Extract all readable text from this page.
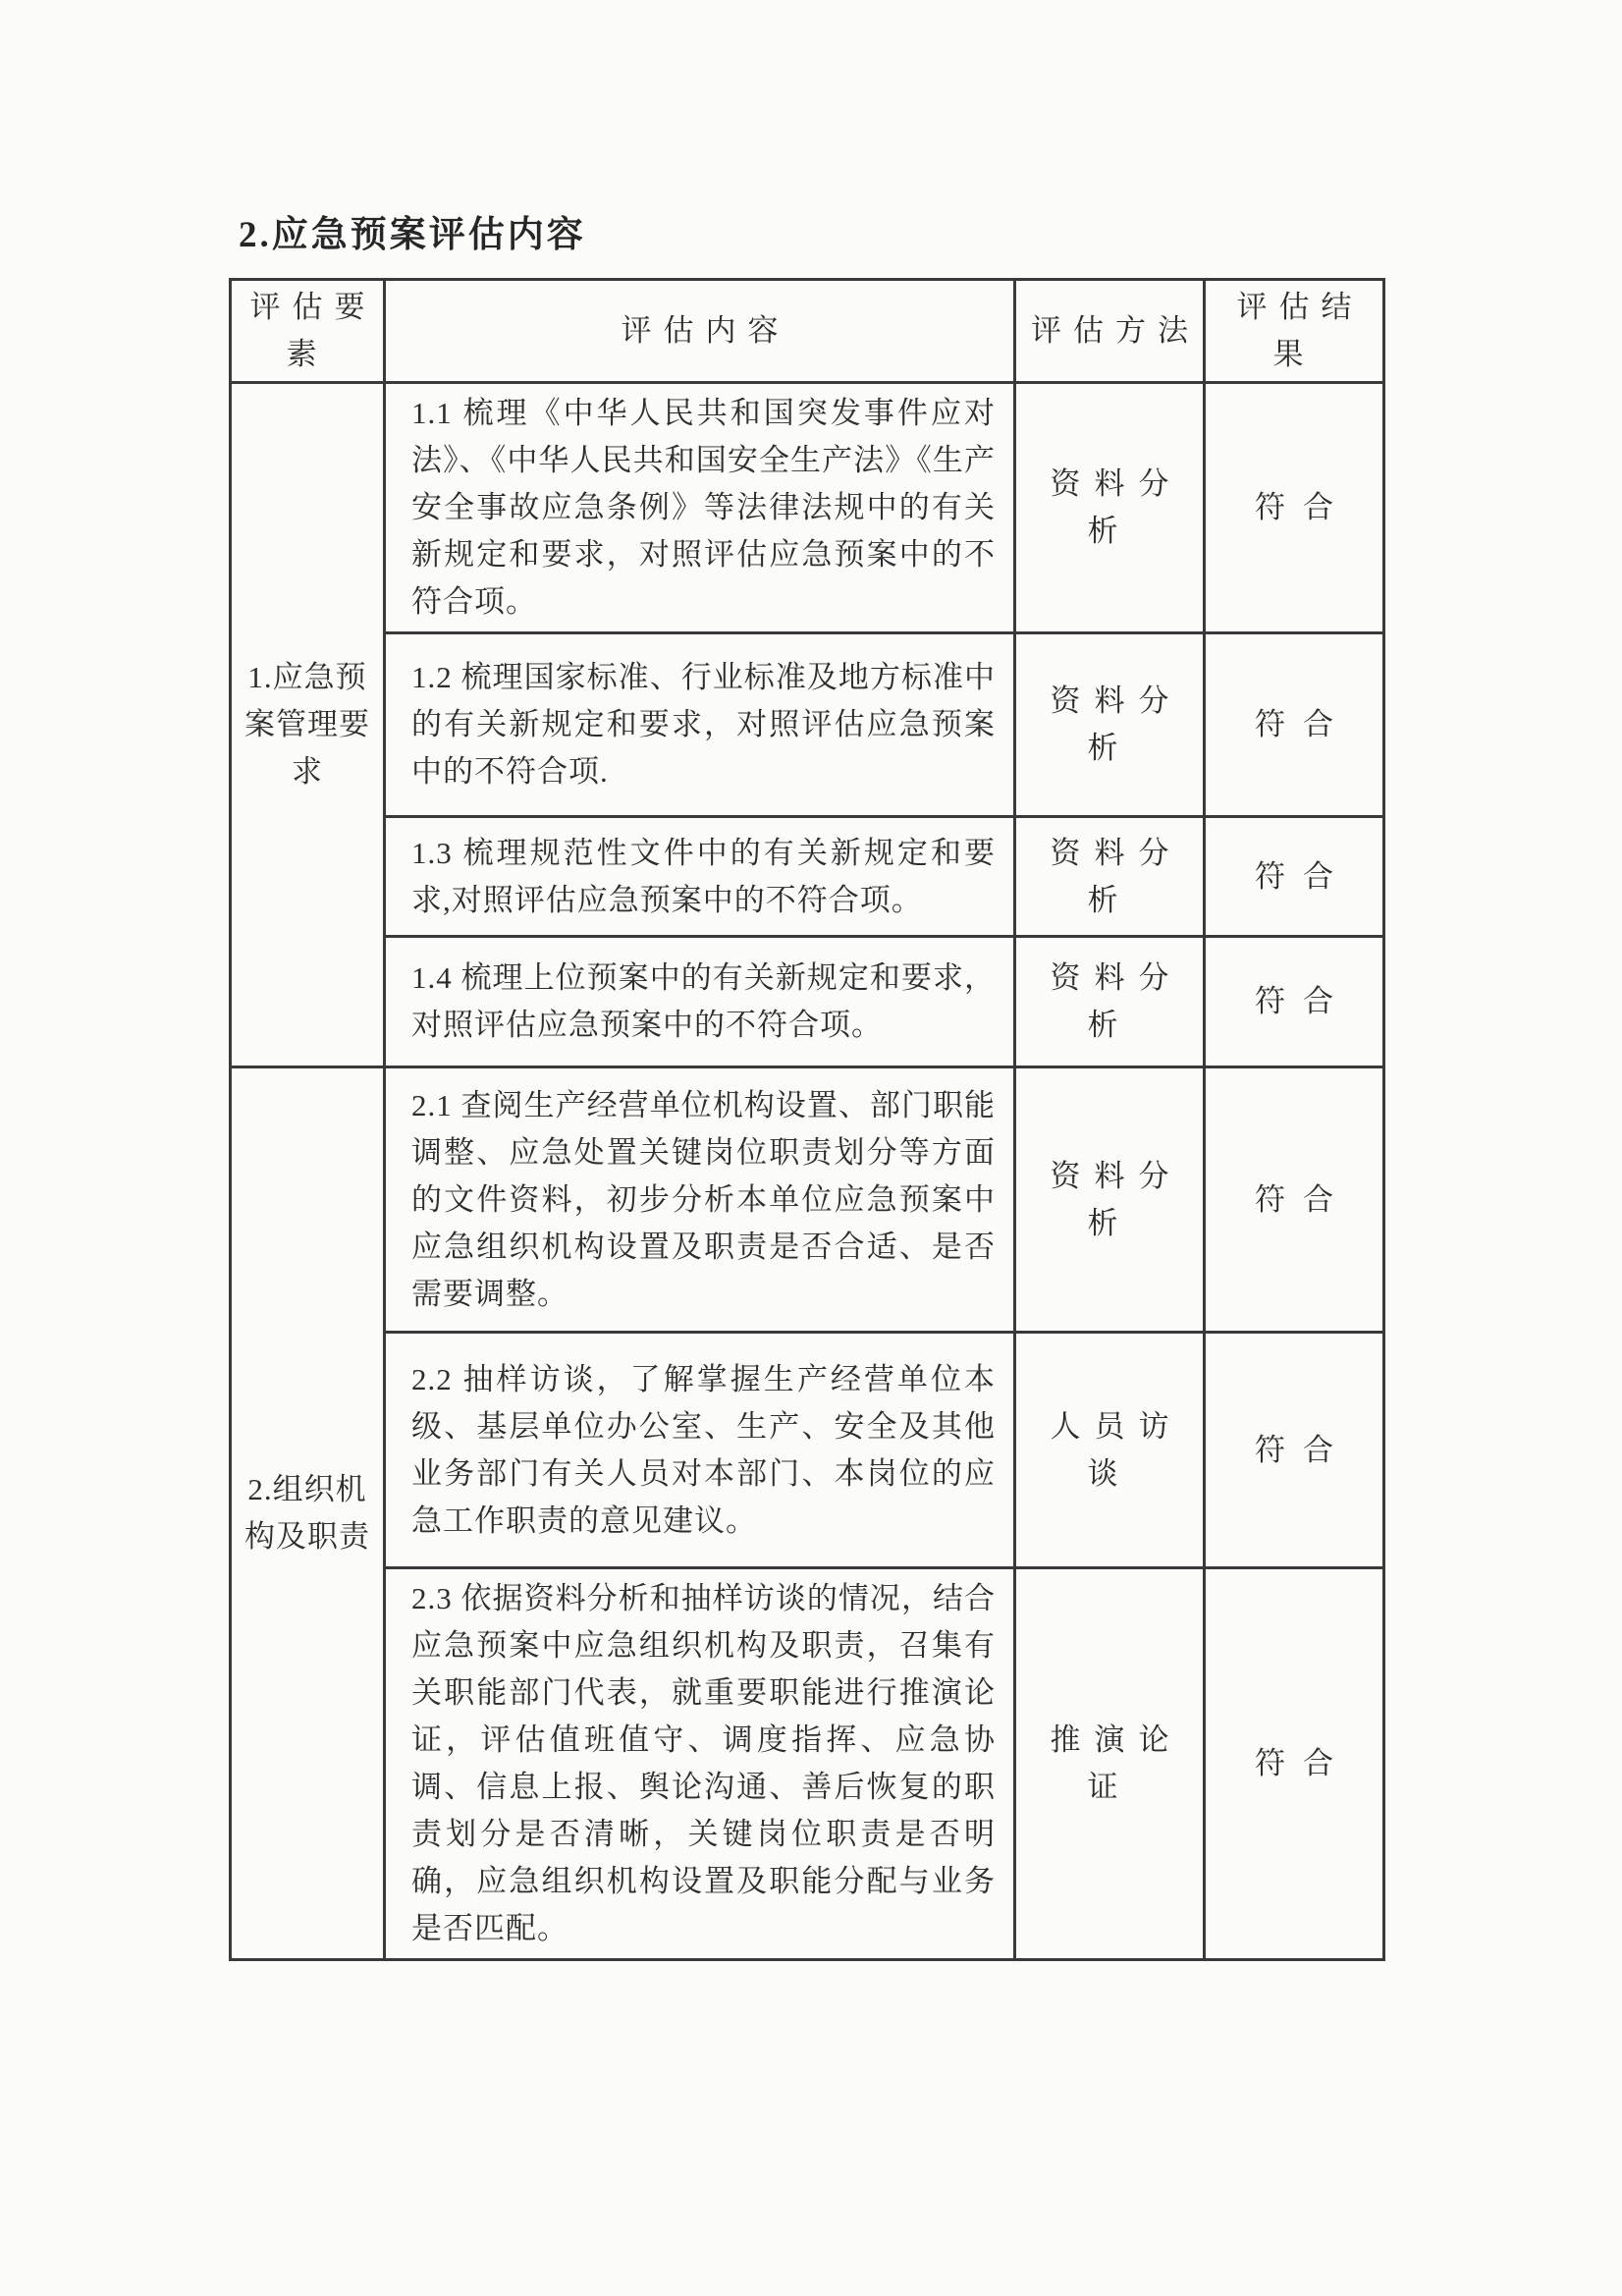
2.应急预案评估内容
评估要素	评估内容	评估方法	评估结果
1.应急预案管理要求	1.1 梳理《中华人民共和国突发事件应对法》、《中华人民共和国安全生产法》《生产安全事故应急条例》等法律法规中的有关新规定和要求，对照评估应急预案中的不符合项。	资料分析	符合
	1.2 梳理国家标准、行业标准及地方标准中的有关新规定和要求，对照评估应急预案中的不符合项.	资料分析	符合
	1.3 梳理规范性文件中的有关新规定和要求,对照评估应急预案中的不符合项。	资料分析	符合
	1.4 梳理上位预案中的有关新规定和要求，对照评估应急预案中的不符合项。	资料分析	符合
2.组织机构及职责	2.1 查阅生产经营单位机构设置、部门职能调整、应急处置关键岗位职责划分等方面的文件资料，初步分析本单位应急预案中应急组织机构设置及职责是否合适、是否需要调整。	资料分析	符合
	2.2 抽样访谈，了解掌握生产经营单位本级、基层单位办公室、生产、安全及其他业务部门有关人员对本部门、本岗位的应急工作职责的意见建议。	人员访谈	符合
	2.3 依据资料分析和抽样访谈的情况，结合应急预案中应急组织机构及职责，召集有关职能部门代表，就重要职能进行推演论证，评估值班值守、调度指挥、应急协调、信息上报、舆论沟通、善后恢复的职责划分是否清晰，关键岗位职责是否明确，应急组织机构设置及职能分配与业务是否匹配。	推演论证	符合
